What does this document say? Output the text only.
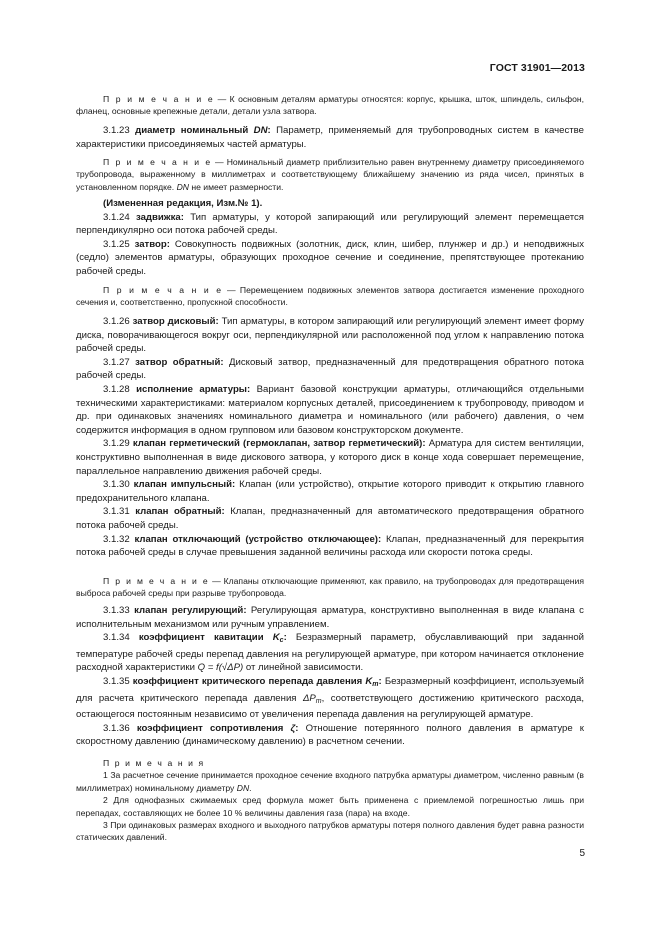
ГОСТ 31901—2013

П р и м е ч а н и е — К основным деталям арматуры относятся: корпус, крышка, шток, шпиндель, сильфон, фланец, основные крепежные детали, детали узла затвора.

3.1.23 диаметр номинальный DN: Параметр, применяемый для трубопроводных систем в качестве характеристики присоединяемых частей арматуры.

П р и м е ч а н и е — Номинальный диаметр приблизительно равен внутреннему диаметру присоединяемого трубопровода, выраженному в миллиметрах и соответствующему ближайшему значению из ряда чисел, принятых в установленном порядке. DN не имеет размерности.

(Измененная редакция, Изм.№ 1).

3.1.24 задвижка: Тип арматуры, у которой запирающий или регулирующий элемент перемещается перпендикулярно оси потока рабочей среды.

3.1.25 затвор: Совокупность подвижных (золотник, диск, клин, шибер, плунжер и др.) и неподвижных (седло) элементов арматуры, образующих проходное сечение и соединение, препятствующее протеканию рабочей среды.

П р и м е ч а н и е — Перемещением подвижных элементов затвора достигается изменение проходного сечения и, соответственно, пропускной способности.

3.1.26 затвор дисковый: Тип арматуры, в котором запирающий или регулирующий элемент имеет форму диска, поворачивающегося вокруг оси, перпендикулярной или расположенной под углом к направлению потока рабочей среды.

3.1.27 затвор обратный: Дисковый затвор, предназначенный для предотвращения обратного потока рабочей среды.

3.1.28 исполнение арматуры: Вариант базовой конструкции арматуры, отличающийся отдельными техническими характеристиками: материалом корпусных деталей, присоединением к трубопроводу, приводом и др. при одинаковых значениях номинального диаметра и номинального (или рабочего) давления, о чем содержится информация в одном групповом или базовом конструкторском документе.

3.1.29 клапан герметический (гермоклапан, затвор герметический): Арматура для систем вентиляции, конструктивно выполненная в виде дискового затвора, у которого диск в конце хода совершает перемещение, параллельное направлению движения рабочей среды.

3.1.30 клапан импульсный: Клапан (или устройство), открытие которого приводит к открытию главного предохранительного клапана.

3.1.31 клапан обратный: Клапан, предназначенный для автоматического предотвращения обратного потока рабочей среды.

3.1.32 клапан отключающий (устройство отключающее): Клапан, предназначенный для перекрытия потока рабочей среды в случае превышения заданной величины расхода или скорости потока среды.

П р и м е ч а н и е — Клапаны отключающие применяют, как правило, на трубопроводах для предотвращения выброса рабочей среды при разрыве трубопровода.

3.1.33 клапан регулирующий: Регулирующая арматура, конструктивно выполненная в виде клапана с исполнительным механизмом или ручным управлением.

3.1.34 коэффициент кавитации $K_c$: Безразмерный параметр, обуславливающий при заданной температуре рабочей среды перепад давления на регулирующей арматуре, при котором начинается отклонение расходной характеристики Q = f(√ΔP) от линейной зависимости.

3.1.35 коэффициент критического перепада давления $K_m$: Безразмерный коэффициент, используемый для расчета критического перепада давления $\Delta P_m$, соответствующего достижению критического расхода, остающегося постоянным независимо от увеличения перепада давления на регулирующей арматуре.

3.1.36 коэффициент сопротивления ζ: Отношение потерянного полного давления в арматуре к скоростному давлению (динамическому давлению) в расчетном сечении.

П р и м е ч а н и я

1 За расчетное сечение принимается проходное сечение входного патрубка арматуры диаметром, численно равным (в миллиметрах) номинальному диаметру DN.

2 Для однофазных сжимаемых сред формула может быть применена с приемлемой погрешностью лишь при перепадах, составляющих не более 10 % величины давления газа (пара) на входе.

3 При одинаковых размерах входного и выходного патрубков арматуры потеря полного давления будет равна разности статических давлений.

5
